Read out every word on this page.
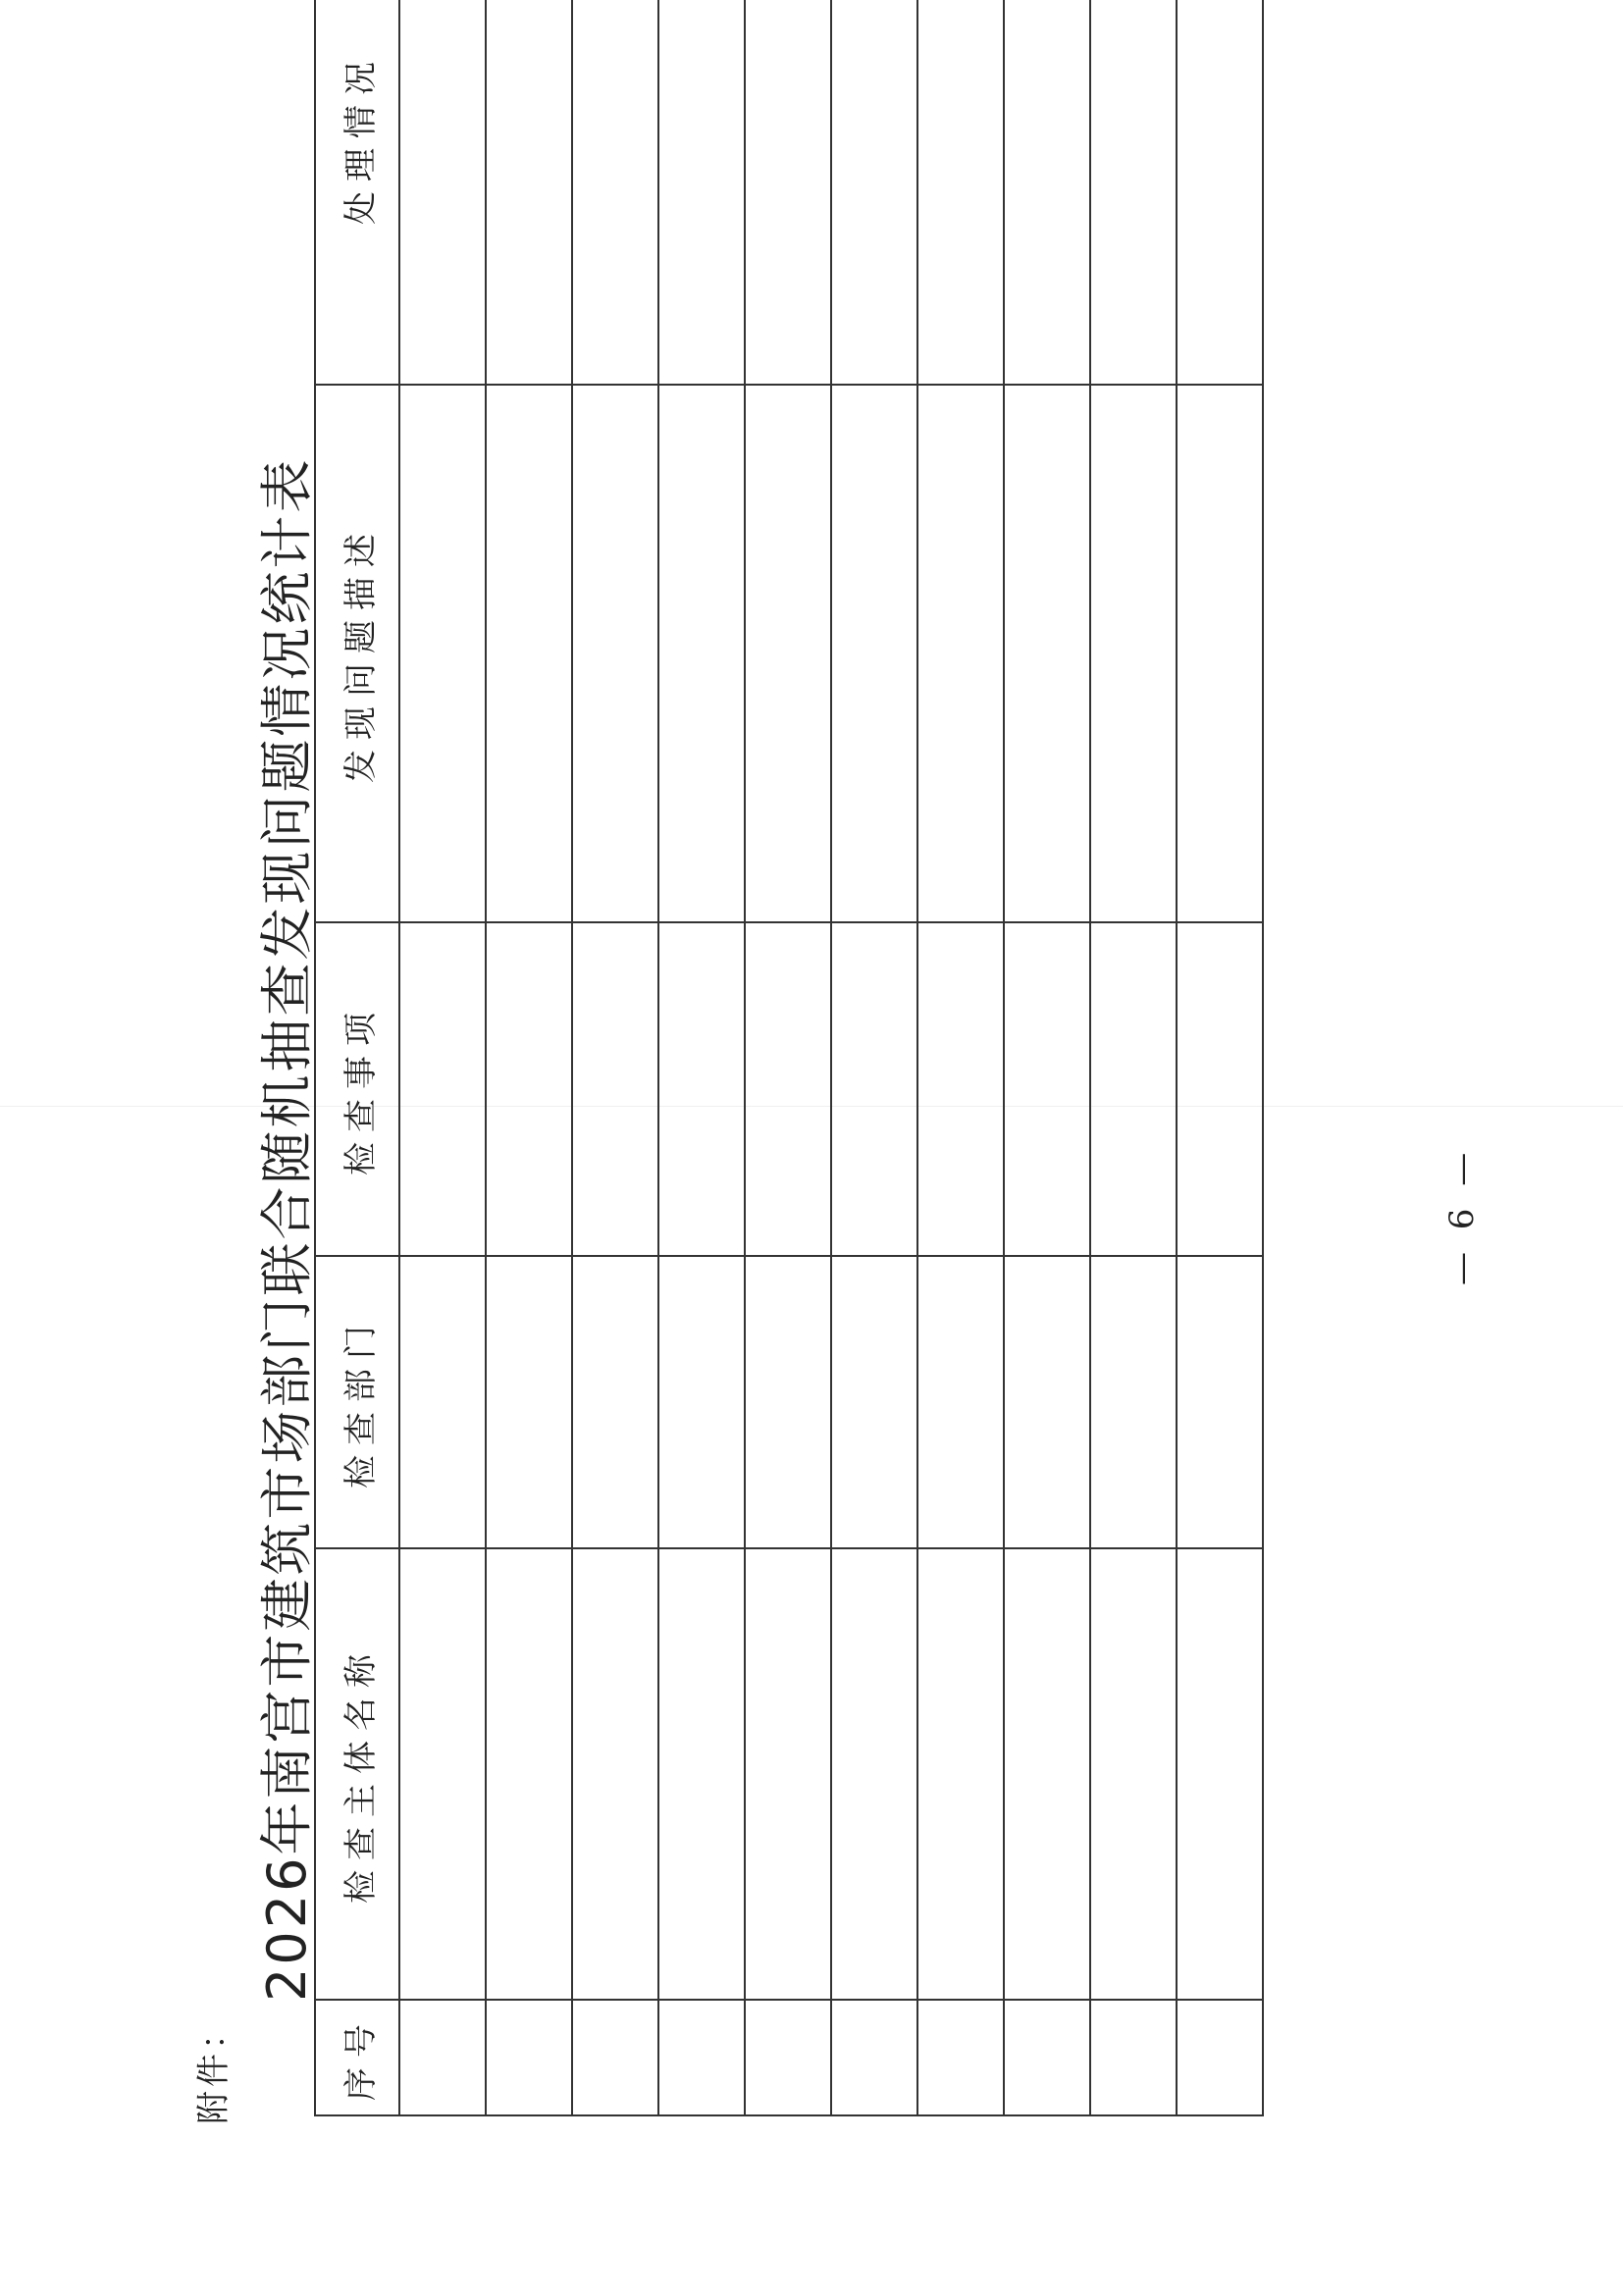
附件：
2026年南宫市建筑市场部门联合随机抽查发现问题情况统计表
序号	检查主体名称	检查部门	检查事项	发现问题描述	处理情况	

— 6 —
